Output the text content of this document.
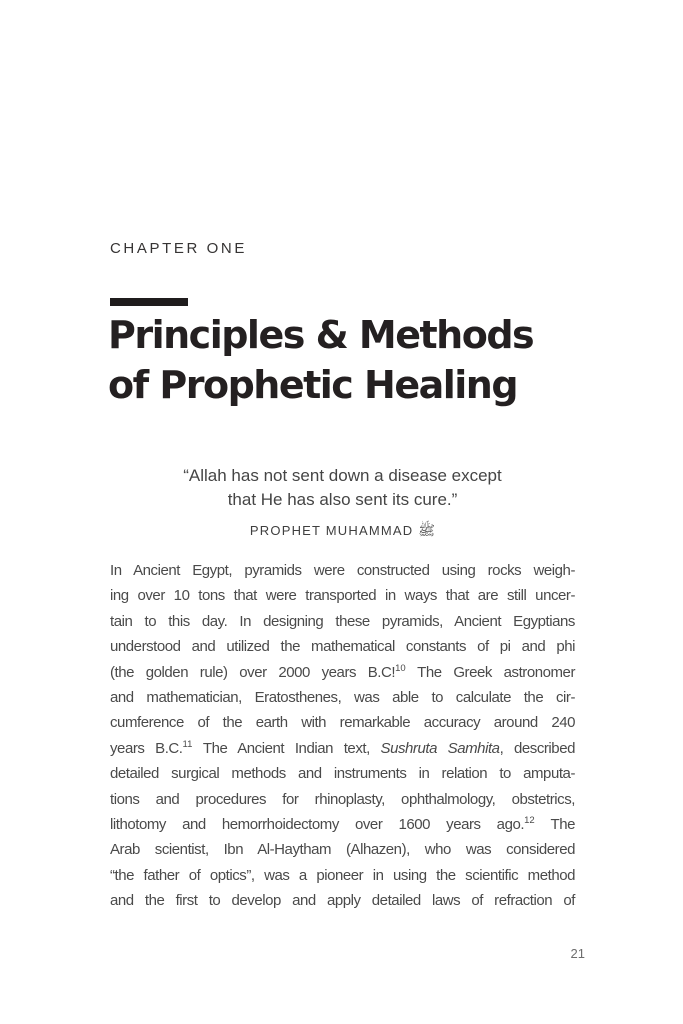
CHAPTER ONE
Principles & Methods
of Prophetic Healing
“Allah has not sent down a disease except
that He has also sent its cure.”
PROPHET MUHAMMAD ﷺ
In Ancient Egypt, pyramids were constructed using rocks weigh-
ing over 10 tons that were transported in ways that are still uncer-
tain to this day. In designing these pyramids, Ancient Egyptians
understood and utilized the mathematical constants of pi and phi
(the golden rule) over 2000 years B.C!$^{10}$ The Greek astronomer
and mathematician, Eratosthenes, was able to calculate the cir-
cumference of the earth with remarkable accuracy around 240
years B.C.$^{11}$ The Ancient Indian text, Sushruta Samhita, described
detailed surgical methods and instruments in relation to amputa-
tions and procedures for rhinoplasty, ophthalmology, obstetrics,
lithotomy and hemorrhoidectomy over 1600 years ago.$^{12}$ The
Arab scientist, Ibn Al-Haytham (Alhazen), who was considered
“the father of optics”, was a pioneer in using the scientific method
and the first to develop and apply detailed laws of refraction of
21
